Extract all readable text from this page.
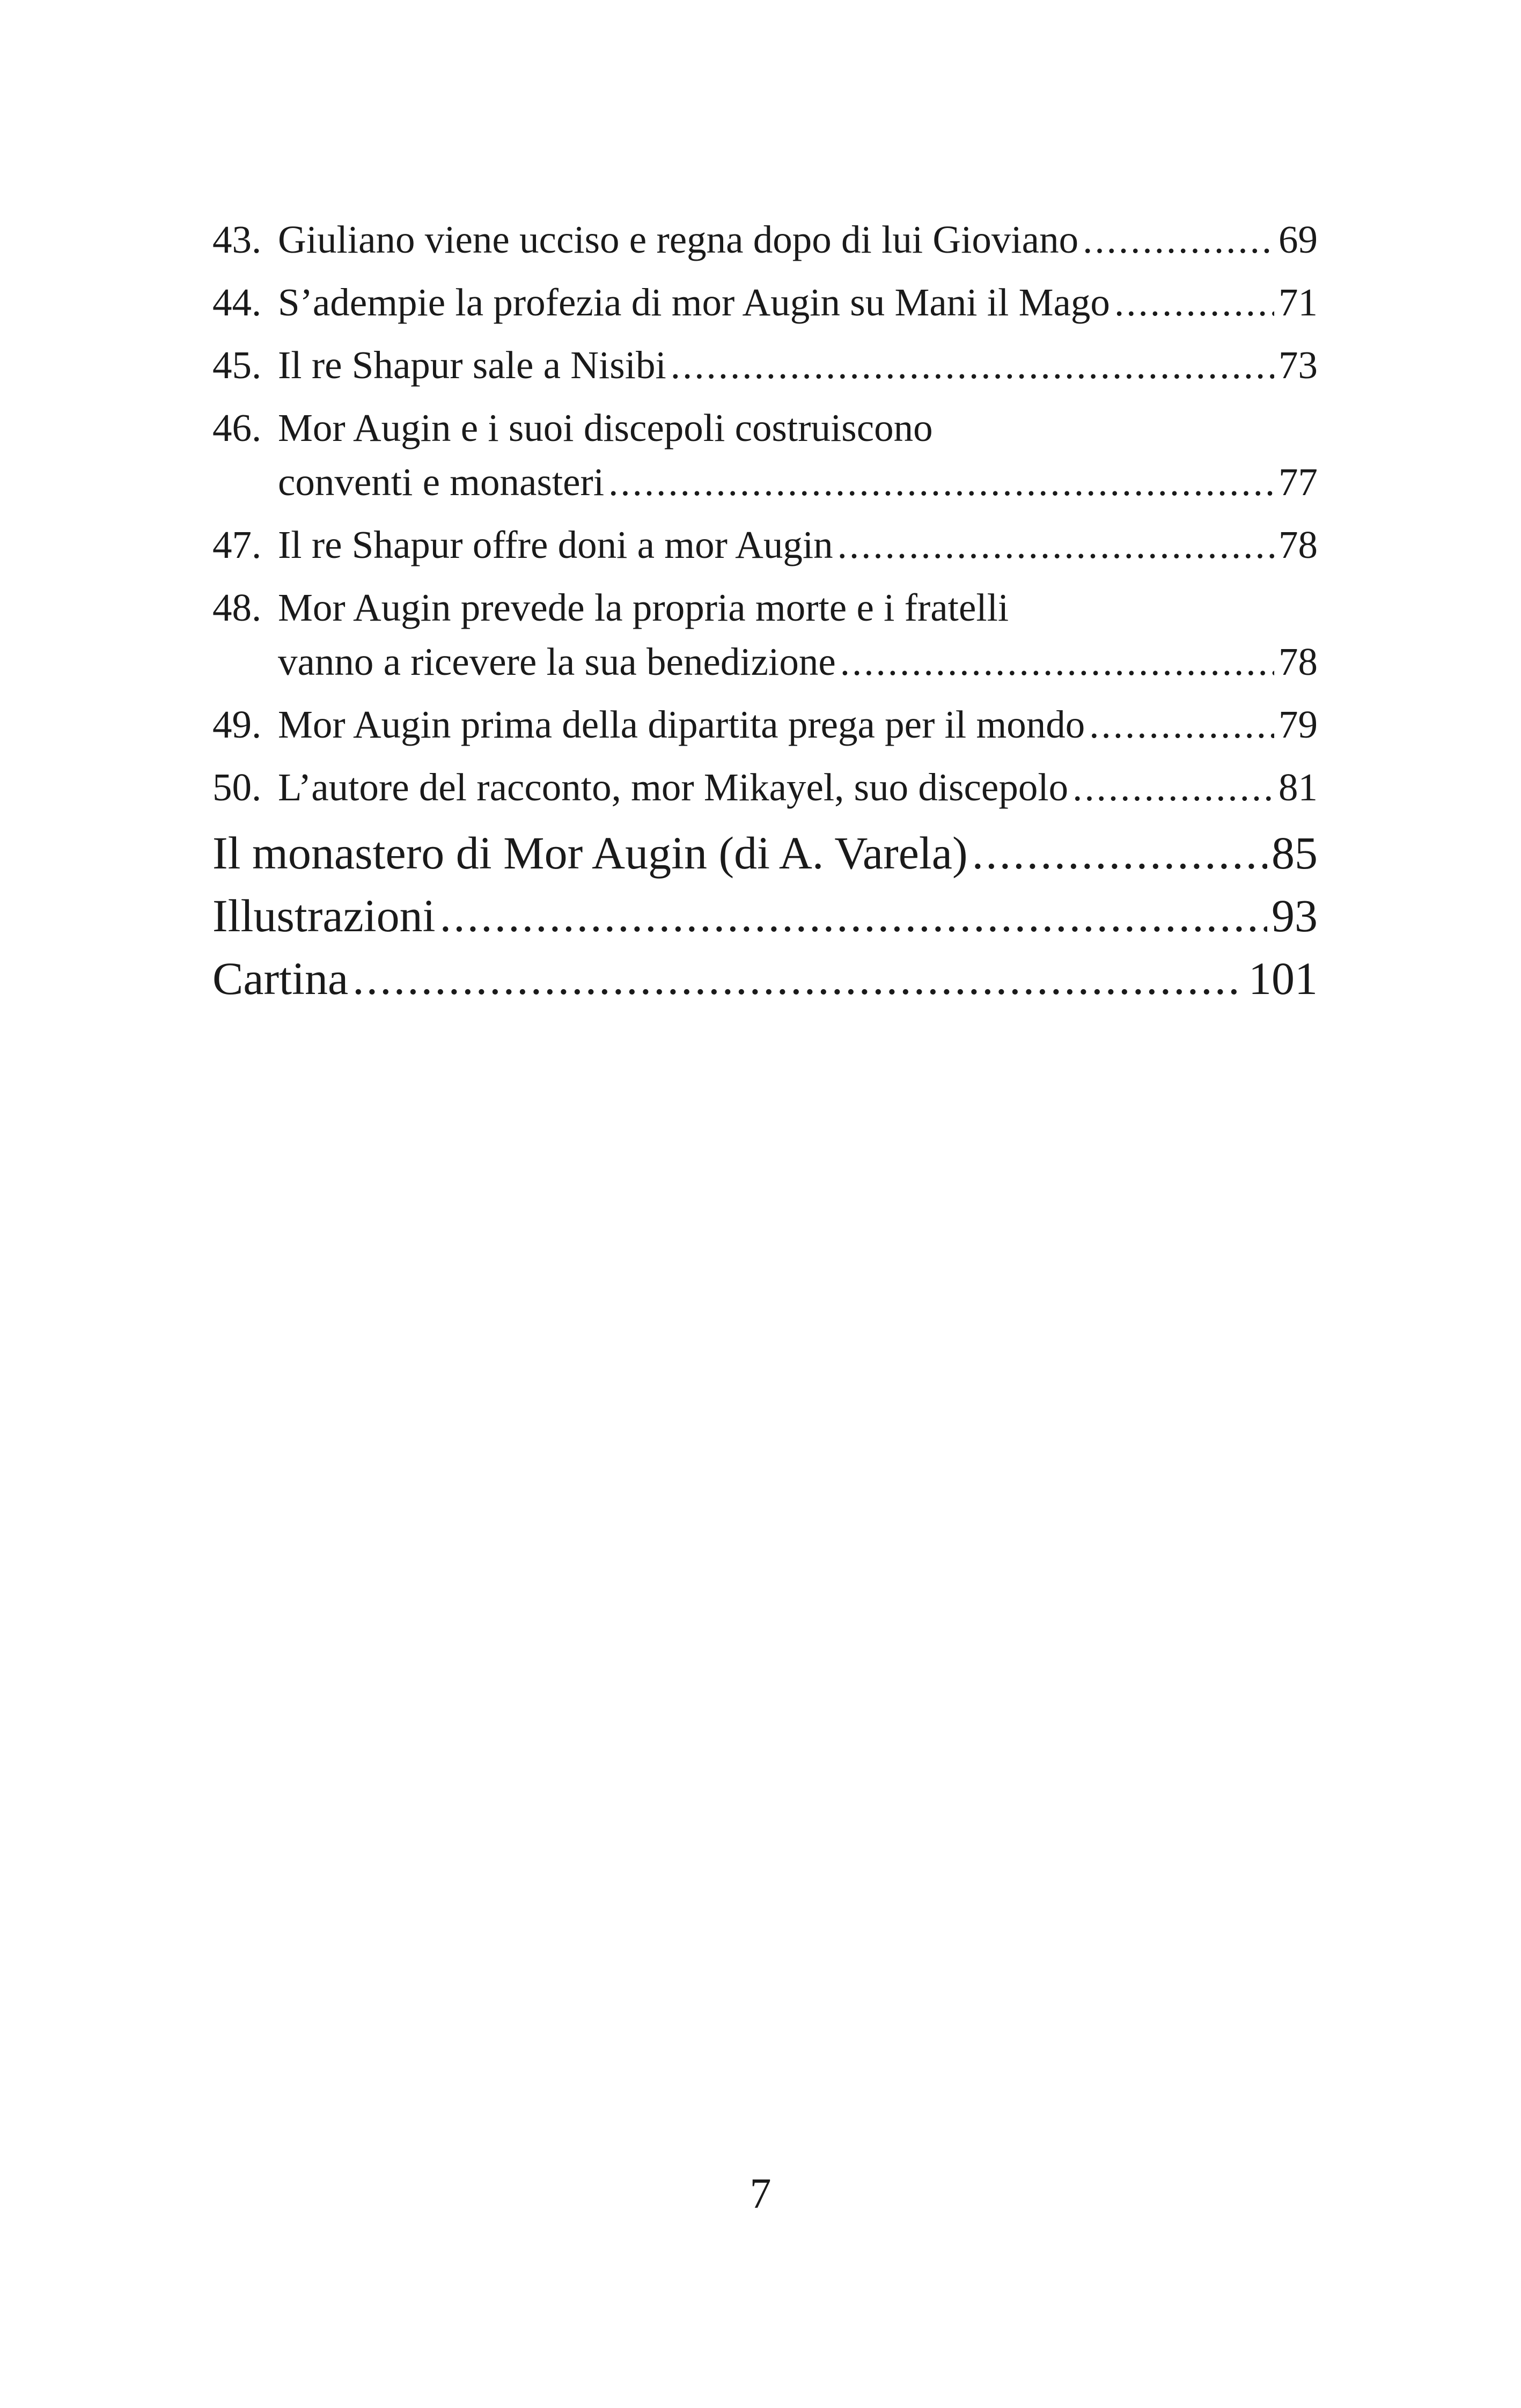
43. Giuliano viene ucciso e regna dopo di lui Gioviano .....	69
44. S’adempie la profezia di mor Augin su Mani il Mago .....	71
45. Il re Shapur sale a Nisibi .....	73
46. Mor Augin e i suoi discepoli costruiscono
conventi e monasteri .....	77
47. Il re Shapur offre doni a mor Augin .....	78
48. Mor Augin prevede la propria morte e i fratelli
vanno a ricevere la sua benedizione .....	78
49. Mor Augin prima della dipartita prega per il mondo .....	79
50. L’autore del racconto, mor Mikayel, suo discepolo .....	81
Il monastero di Mor Augin (di A. Varela) .....	85
Illustrazioni .....	93
Cartina .....	101
7
